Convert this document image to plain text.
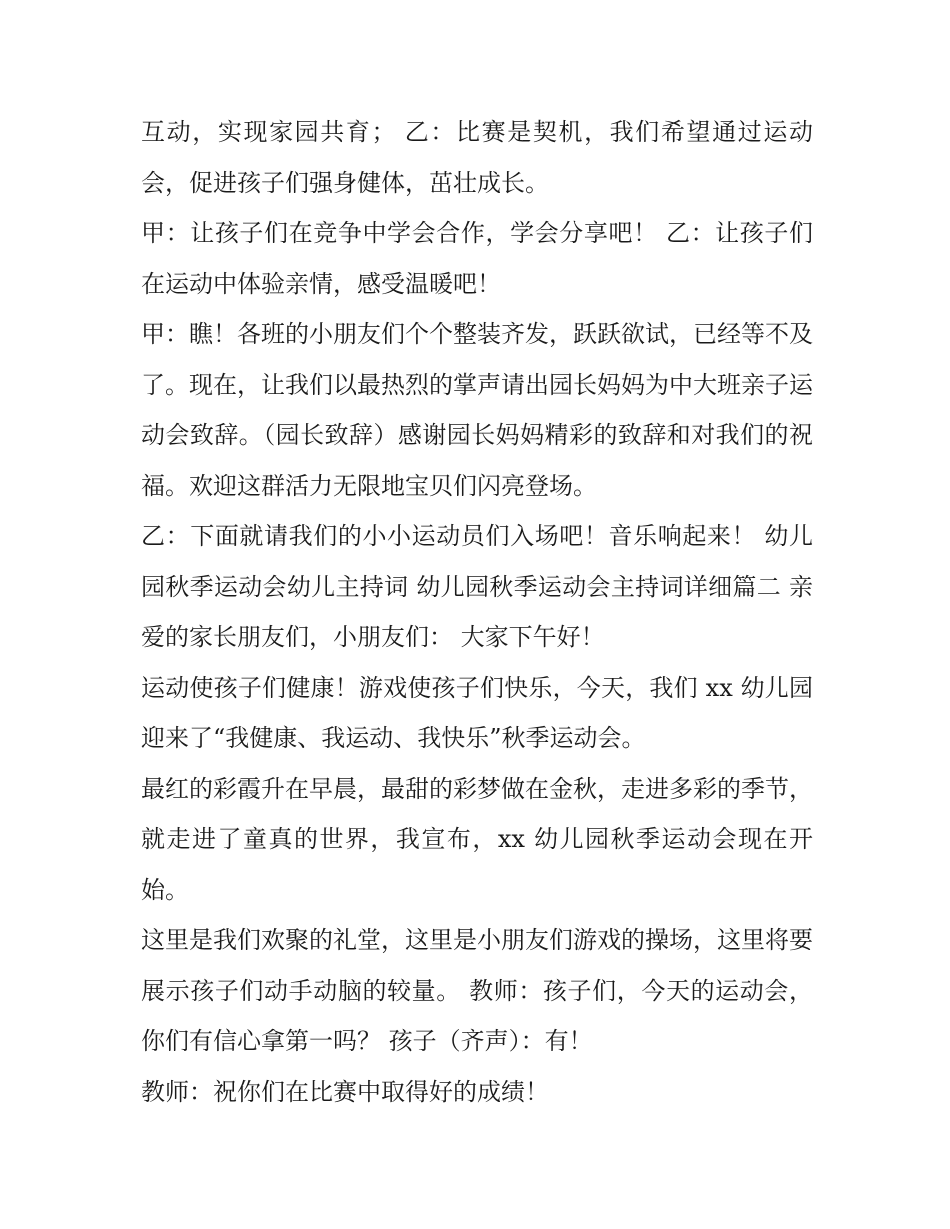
互动，实现家园共育； 乙：比赛是契机，我们希望通过运动会，促进孩子们强身健体，茁壮成长。

甲：让孩子们在竞争中学会合作，学会分享吧！ 乙：让孩子们在运动中体验亲情，感受温暖吧！

甲：瞧！各班的小朋友们个个整装齐发，跃跃欲试，已经等不及了。现在，让我们以最热烈的掌声请出园长妈妈为中大班亲子运动会致辞。（园长致辞）感谢园长妈妈精彩的致辞和对我们的祝福。欢迎这群活力无限地宝贝们闪亮登场。

乙：下面就请我们的小小运动员们入场吧！音乐响起来！ 幼儿园秋季运动会幼儿主持词 幼儿园秋季运动会主持词详细篇二 亲爱的家长朋友们，小朋友们： 大家下午好！

运动使孩子们健康！游戏使孩子们快乐，今天，我们 xx 幼儿园迎来了“我健康、我运动、我快乐”秋季运动会。

最红的彩霞升在早晨，最甜的彩梦做在金秋，走进多彩的季节，就走进了童真的世界，我宣布，xx 幼儿园秋季运动会现在开始。

这里是我们欢聚的礼堂，这里是小朋友们游戏的操场，这里将要展示孩子们动手动脑的较量。 教师：孩子们，今天的运动会，你们有信心拿第一吗？ 孩子（齐声）：有！

教师：祝你们在比赛中取得好的成绩！
